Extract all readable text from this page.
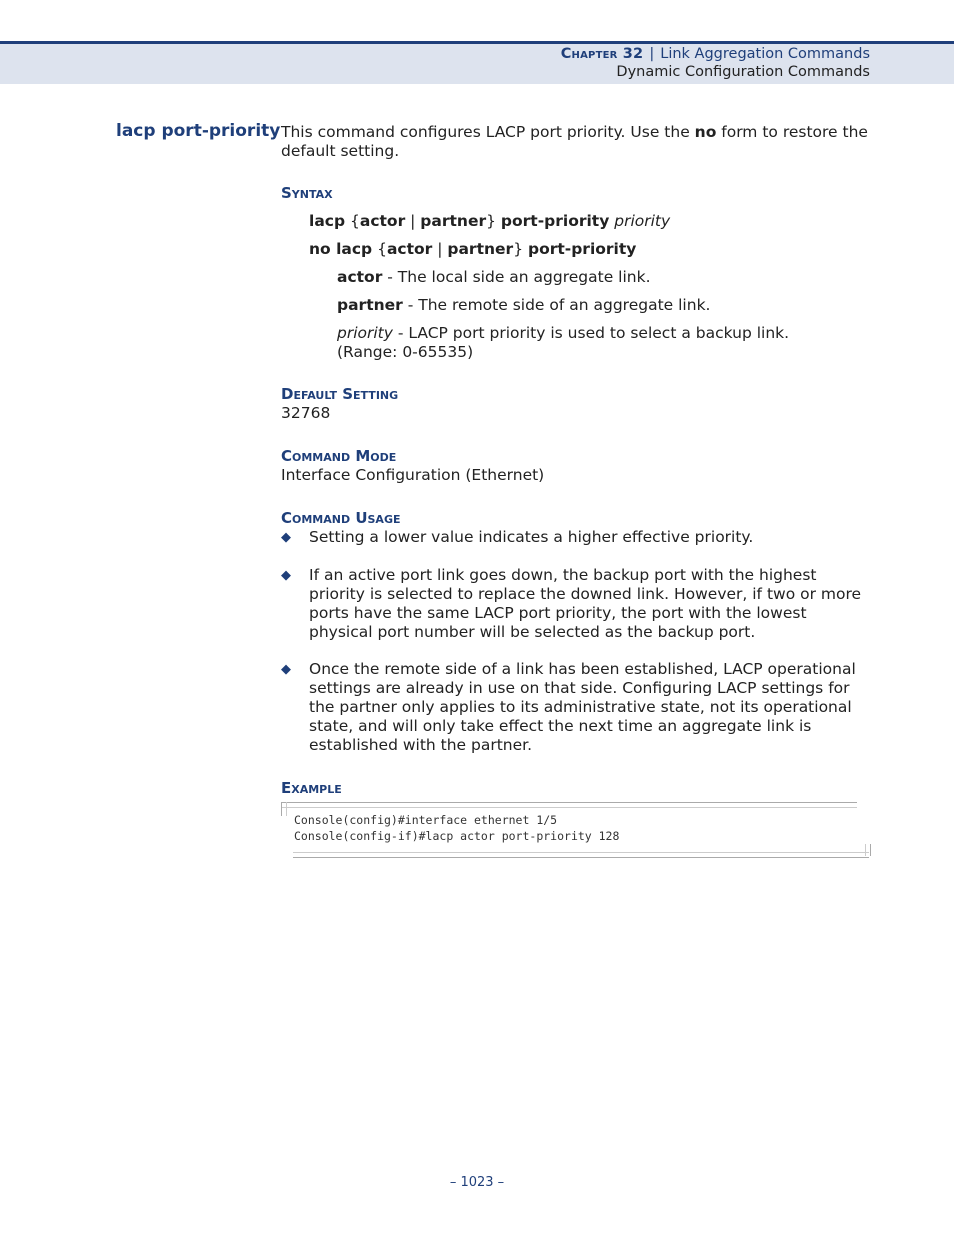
Chapter 32 | Link Aggregation Commands
Dynamic Configuration Commands
lacp port-priority This command configures LACP port priority. Use the no form to restore the default setting.

Syntax

lacp {actor | partner} port-priority priority

no lacp {actor | partner} port-priority

actor - The local side an aggregate link.

partner - The remote side of an aggregate link.

priority - LACP port priority is used to select a backup link. (Range: 0-65535)

Default Setting

32768

Command Mode

Interface Configuration (Ethernet)

Command Usage

◆ Setting a lower value indicates a higher effective priority.
◆ If an active port link goes down, the backup port with the highest priority is selected to replace the downed link. However, if two or more ports have the same LACP port priority, the port with the lowest physical port number will be selected as the backup port.
◆ Once the remote side of a link has been established, LACP operational settings are already in use on that side. Configuring LACP settings for the partner only applies to its administrative state, not its operational state, and will only take effect the next time an aggregate link is established with the partner.

Example

Console(config)#interface ethernet 1/5
Console(config-if)#lacp actor port-priority 128
– 1023 –
